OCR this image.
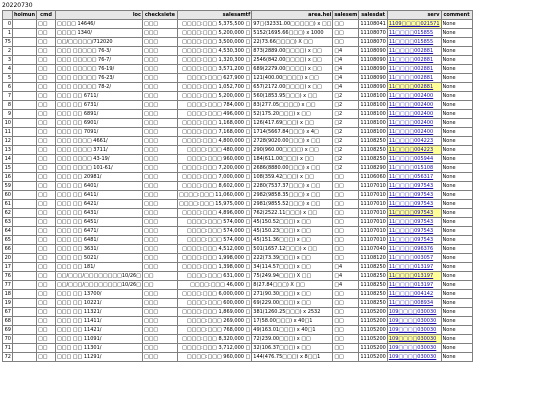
20220730
	hoimun	cmd	loc	checksiete	salesamtf	area.hei	salesem	salesdat	serv	comment
0		□□	□□□□ 14646/	□□□	□□□□:□□□ 5,375,500 □	97□(32331.00□□□□□) x □□	□□	11108041	1109□□□□021571	None
1		□□	□□□□ 1340/	□□□	□□□□:□□□ 5,200,000 □	5152(1695.66□□□) x 1000	□□	11108070	11□□□□015855	None
75		□□	□□/□□□□□/712020	□□□	□□□□:□□□ 3,500,000 □	22(73.66□□□□) X □□	□□	11108070	11□□□□015855	None
2		□□	□□□ □□□□□ 76-3/	□□□	□□□□:□□□ 4,530,300 □	873(2889.00□□□□) x □□	□4	11108090	11□□□□002881	None
3		□□	□□□ □□□□□ 76-7/	□□□	□□□□:□□□ 1,320,300 □	2546(842.00□□□□) x □□	□4	11108090	11□□□□002881	None
4		□□	□□□ □□□□□ 76-19/	□□□	□□□□:□□□ 3,571,200 □	689(2279.00□□□□) x □□	□4	11108090	11□□□□002881	None
5		□□	□□□ □□□□□ 76-23/	□□□	□□□□:□□□ 627,900 □	121(400.00□□□□) x □□	□4	11108090	11□□□□002881	None
6		□□	□□□ □□□□□ 78-2/	□□□	□□□□:□□□ 1,052,700 □	657(2172.00□□□□) x □□	□4	11108090	11□□□□002881	None
7		□□	□□□ □□ 6711/	□□□	□□□□:□□□ 5,200,000 □	560(1853.95□□□) x □□	□2	11108100	11□□□□002400	None
8		□□	□□□ □□ 6731/	□□□	□□□□:□□□ 784,000 □	83(277.05□□□□) x □□	□2	11108100	11□□□□002400	None
9		□□	□□□ □□ 6891/	□□□	□□□□:□□□ 496,000 □	52(175.20□□□) x □□	□2	11108100	11□□□□002400	None
10		□□	□□□ □□ 6901/	□□□	□□□□:□□□ 1,168,000 □	126(417.69□□□) x □□	□2	11108100	11□□□□002400	None
11		□□	□□□ □□ 7091/	□□□	□□□□:□□□ 7,168,000 □	1714(5667.84□□□) x 4□	□2	11108100	11□□□□002400	None
12		□□	□□□ □□□□ 4661/	□□□	□□□□:□□□ 4,800,000 □	2728(9020.00□□□) x □□	□2	11108250	11□□□□004223	None
13		□□	□□□ □□□□ 3711/	□□□	□□□□:□□□ 480,000 □	290(960.00□□□□) x □□	□2	11108250	11□□□□004223	None
14		□□	□□□ □□□□ 43-19/	□□□	□□□□:□□□ 960,000 □	184(611.00□□□) x □□	□2	11108250	11□□□□005944	None
15		□□	□□□ □□□□ 101-61/	□□□	□□□□:□□□ 7,200,000 □	2686(8880.00□□□) x □□	□2	11108290	11□□□□015108	None
16		□□	□□□ □□ 20981/	□□□	□□□□:□□□ 7,000,000 □	108(359.42□□□) x □□	□□	11106060	11□□□□056317	None
59		□□	□□□ □□ 6401/	□□□	□□□□:□□□ 8,602,000 □	2280(7537.37□□□) x □□	□□	11107010	11□□□□097543	None
60		□□	□□□ □□ 6411/	□□□	□□□□:□□□ 11,060,000 □	2982(9858.35□□□) x □□	□□	11107010	11□□□□097543	None
61		□□	□□□ □□ 6421/	□□□	□□□□:□□□ 15,975,000 □	2981(9855.52□□□) x □□	□□	11107010	11□□□□097543	None
62		□□	□□□ □□ 6431/	□□□	□□□□:□□□ 4,896,000 □	762(2522.11□□□) x □□	□□	11107010	11□□□□097543	None
63		□□	□□□ □□ 6451/	□□□	□□□□:□□□ 574,000 □	45(150.52□□□) x □□	□□	11107010	11□□□□097543	None
64		□□	□□□ □□ 6471/	□□□	□□□□:□□□ 574,000 □	45(150.23□□□) x □□	□□	11107010	11□□□□097543	None
65		□□	□□□ □□ 6481/	□□□	□□□□:□□□ 574,000 □	45(151.36□□□) x □□	□□	11107010	11□□□□097543	None
66		□□	□□□ □□ 3631/	□□□	□□□□:□□□ 4,512,000 □	501(1657.12□□□) x □□	□□	11107040	11□□□□096376	None
20		□□	□□□ □□ 5021/	□□□	□□□□:□□□ 1,998,000 □	222(73.39□□□) x □□	□□	11108120	11□□□□003057	None
17		□□	□□□ □□ 181/	□□□	□□□□:□□□ 1,398,000 □	34(114.57□□□) x □□	□4	11108250	11□□□□013197	None
76		□□	□□/□□□/□□□□□□□□10/26□	□□	□□□□:□□□ 631,000 □	75(249.94□□□) X □□	□4	11108250	11□□□□013197	None
77		□□	□□/□□□/□□□□□□□□10/26□	□□	□□□□:□□□ 46,000 □	8(27.84□□□) X □□	□4	11108250	11□□□□013197	None
18		□□	□□□ □□ 13700/	□□□	□□□□:□□□ 6,000,000 □	271(90.30□□□) x □□	□□	11108250	11□□□□004142	None
19		□□	□□□ □□ 10221/	□□□	□□□□:□□□ 600,000 □	69(229.00□□□) x □□	□□	11108250	11□□□□008934	None
67		□□	□□□ □□ 11321/	□□□	□□□□:□□□ 1,869,000 □	381(1260.25□□□) x 2532	□□	11105200	109□□□□030030	None
68		□□	□□□ □□ 11411/	□□□	□□□□:□□□ 269,000 □	17(58.00□□□) x 40□1	□□	11105200	109□□□□030030	None
69		□□	□□□ □□ 11421/	□□□	□□□□:□□□ 768,000 □	49(163.01□□□) x 40□1	□□	11105200	109□□□□030030	None
70		□□	□□□ □□ 11091/	□□□	□□□□:□□□ 8,320,000 □	72(239.00□□□) x □□	□□	11105200	109□□□□030030	None
71		□□	□□□ □□ 11301/	□□□	□□□□:□□□ 3,712,000 □	32(106.37□□□) x □□	□□	11105200	109□□□□030030	None
72		□□	□□□ □□ 11291/	□□□	□□□□:□□□ 960,000 □	144(476.75□□□) x 8□□1	□□	11105200	109□□□□030030	None
